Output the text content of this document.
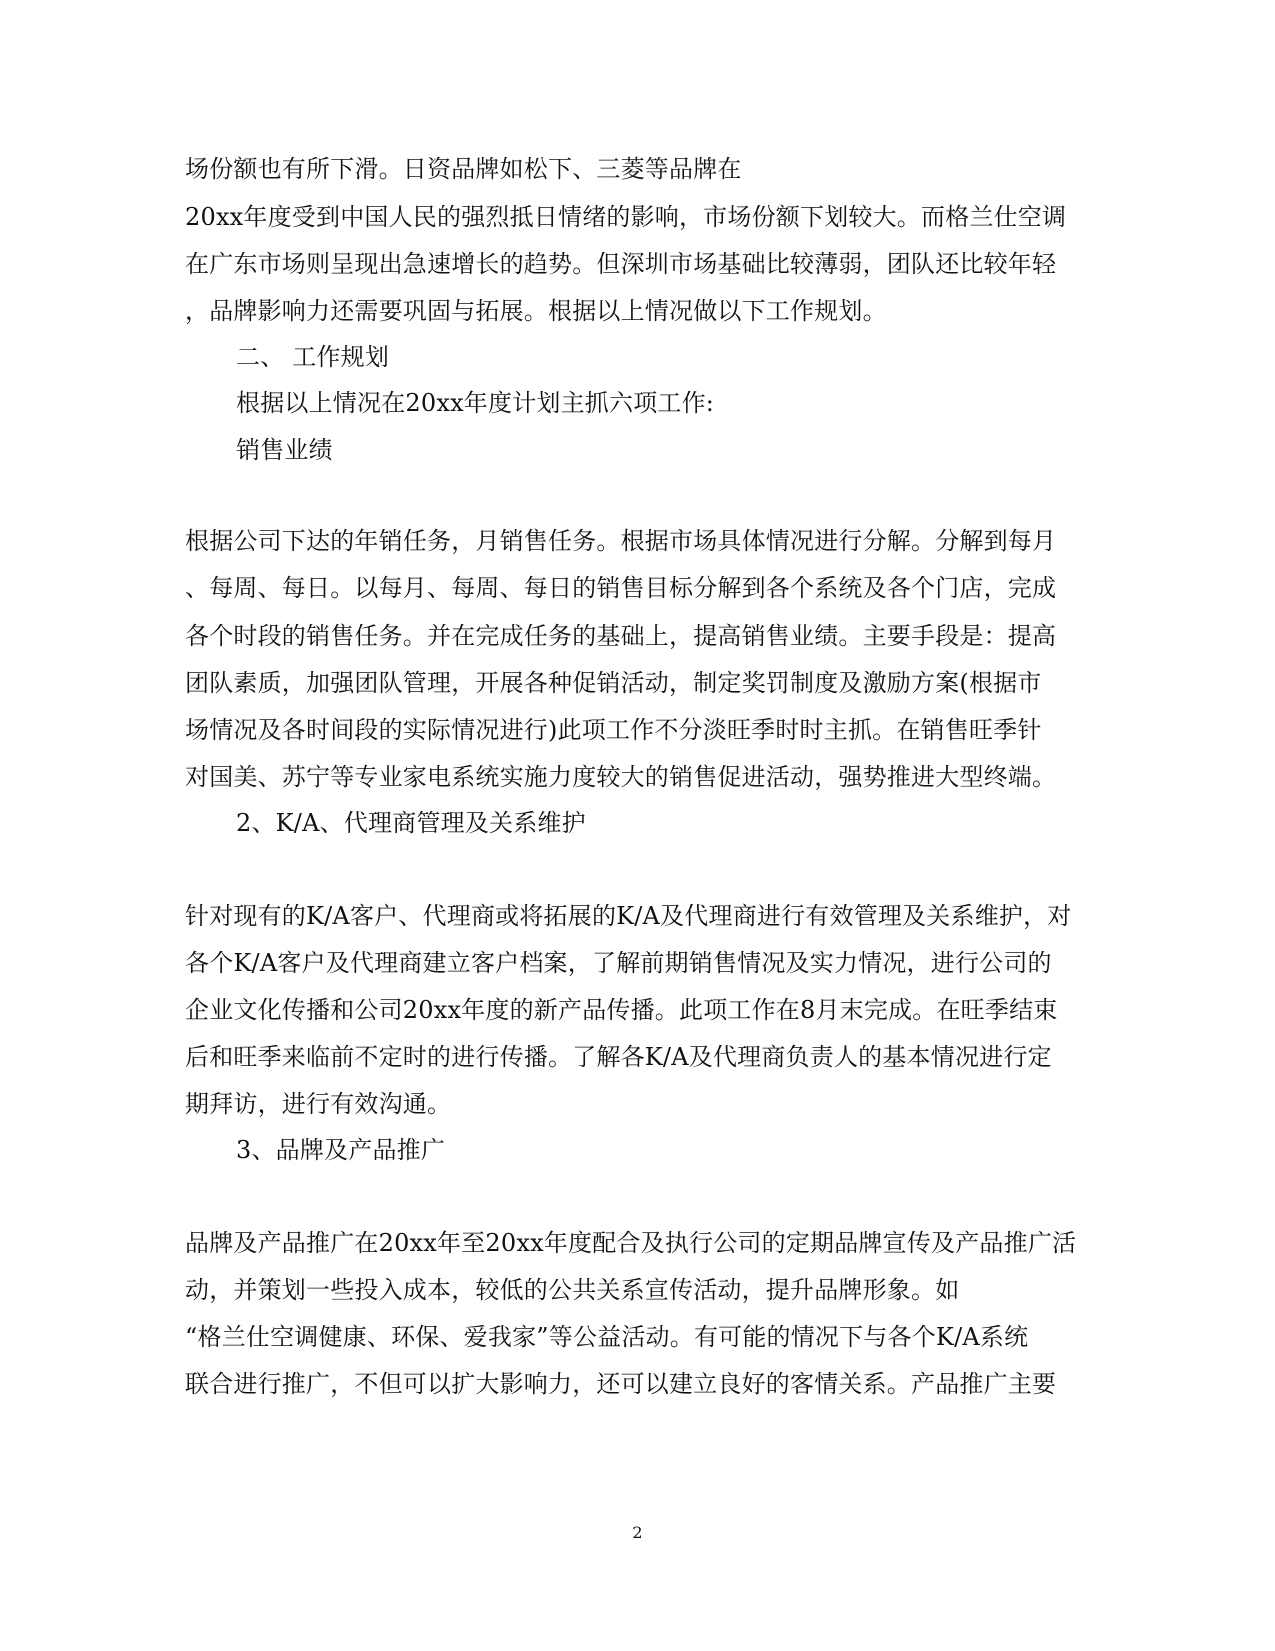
场份额也有所下滑。日资品牌如松下、三菱等品牌在
20xx年度受到中国人民的强烈抵日情绪的影响，市场份额下划较大。而格兰仕空调
在广东市场则呈现出急速增长的趋势。但深圳市场基础比较薄弱，团队还比较年轻
，品牌影响力还需要巩固与拓展。根据以上情况做以下工作规划。
二、 工作规划
根据以上情况在20xx年度计划主抓六项工作:
销售业绩
根据公司下达的年销任务，月销售任务。根据市场具体情况进行分解。分解到每月
、每周、每日。以每月、每周、每日的销售目标分解到各个系统及各个门店，完成
各个时段的销售任务。并在完成任务的基础上，提高销售业绩。主要手段是：提高
团队素质，加强团队管理，开展各种促销活动，制定奖罚制度及激励方案(根据市
场情况及各时间段的实际情况进行)此项工作不分淡旺季时时主抓。在销售旺季针
对国美、苏宁等专业家电系统实施力度较大的销售促进活动，强势推进大型终端。
2、K/A、代理商管理及关系维护
针对现有的K/A客户、代理商或将拓展的K/A及代理商进行有效管理及关系维护，对
各个K/A客户及代理商建立客户档案，了解前期销售情况及实力情况，进行公司的
企业文化传播和公司20xx年度的新产品传播。此项工作在8月末完成。在旺季结束
后和旺季来临前不定时的进行传播。了解各K/A及代理商负责人的基本情况进行定
期拜访，进行有效沟通。
3、品牌及产品推广
品牌及产品推广在20xx年至20xx年度配合及执行公司的定期品牌宣传及产品推广活
动，并策划一些投入成本，较低的公共关系宣传活动，提升品牌形象。如
“格兰仕空调健康、环保、爱我家”等公益活动。有可能的情况下与各个K/A系统
联合进行推广，不但可以扩大影响力，还可以建立良好的客情关系。产品推广主要
2
